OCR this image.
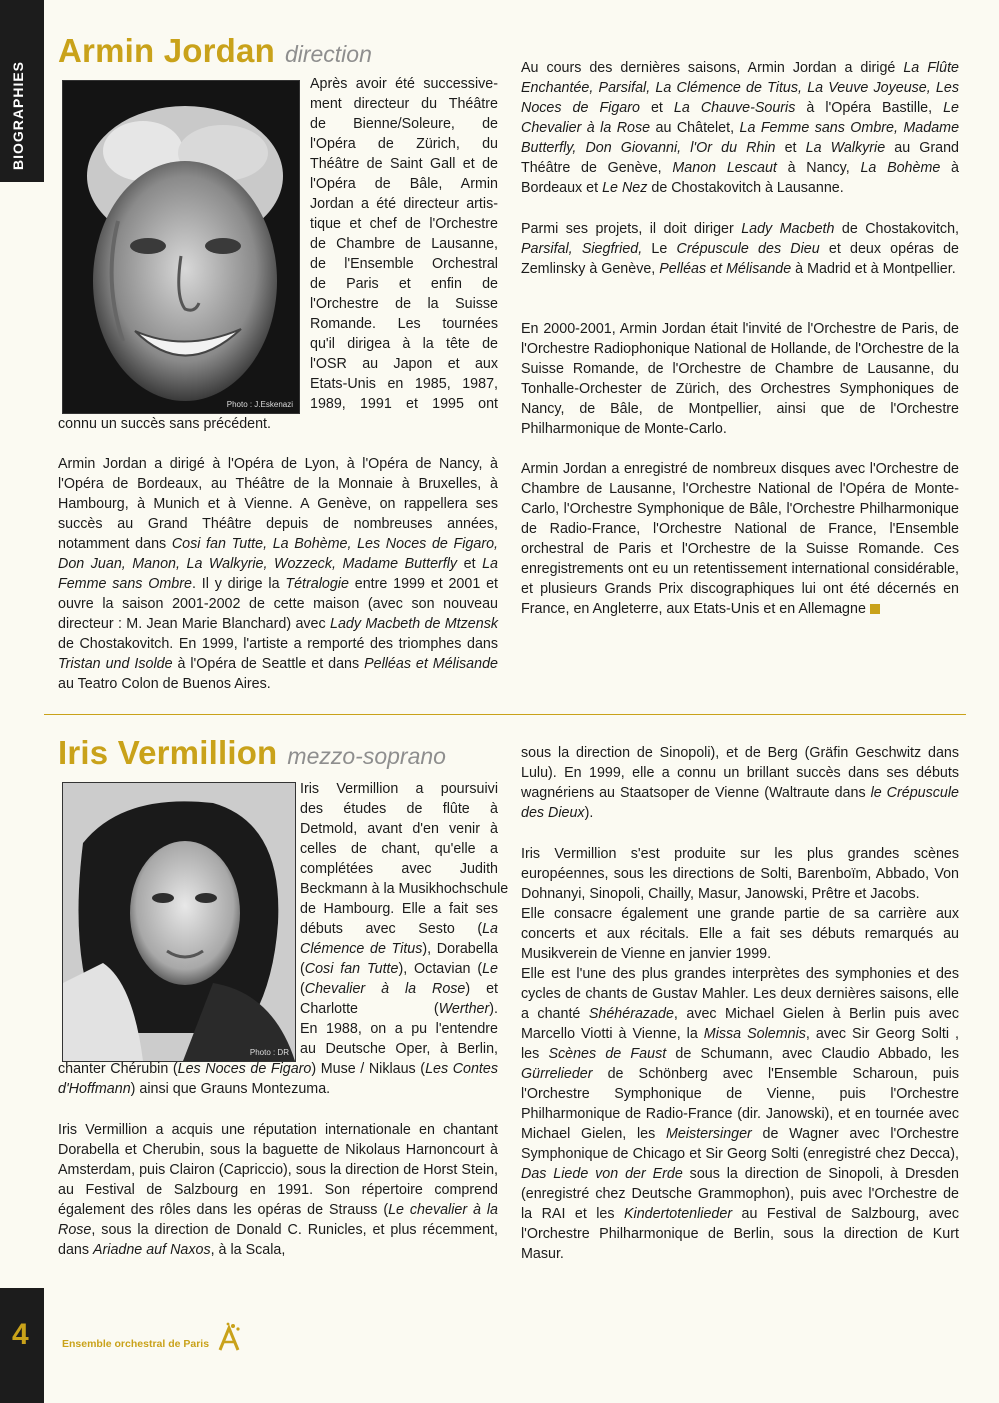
BIOGRAPHIES
Armin Jordan direction
Photo : J.Eskenazi
Après avoir été successive-
ment directeur du Théâtre
de Bienne/Soleure, de
l'Opéra de Zürich, du
Théâtre de Saint Gall et de
l'Opéra de Bâle, Armin
Jordan a été directeur artis-
tique et chef de l'Orchestre
de Chambre de Lausanne,
de l'Ensemble Orchestral
de Paris et enfin de
l'Orchestre de la Suisse
Romande. Les tournées
qu'il dirigea à la tête de
l'OSR au Japon et aux
Etats-Unis en 1985, 1987,
1989, 1991 et 1995 ont

connu un succès sans précédent.

Armin Jordan a dirigé à l'Opéra de Lyon, à l'Opéra de Nancy, à l'Opéra de Bordeaux, au Théâtre de la Monnaie à Bruxelles, à Hambourg, à Munich et à Vienne. A Genève, on rappellera ses succès au Grand Théâtre depuis de nombreuses années, notamment dans Cosi fan Tutte, La Bohème, Les Noces de Figaro, Don Juan, Manon, La Walkyrie, Wozzeck, Madame Butterfly et La Femme sans Ombre. Il y dirige la Tétralogie entre 1999 et 2001 et ouvre la saison 2001-2002 de cette maison (avec son nouveau directeur : M. Jean Marie Blanchard) avec Lady Macbeth de Mtzensk de Chostakovitch. En 1999, l'artiste a remporté des triomphes dans Tristan und Isolde à l'Opéra de Seattle et dans Pelléas et Mélisande au Teatro Colon de Buenos Aires.

Au cours des dernières saisons, Armin Jordan a dirigé La Flûte Enchantée, Parsifal, La Clémence de Titus, La Veuve Joyeuse, Les Noces de Figaro et La Chauve-Souris à l'Opéra Bastille, Le Chevalier à la Rose au Châtelet, La Femme sans Ombre, Madame Butterfly, Don Giovanni, l'Or du Rhin et La Walkyrie au Grand Théâtre de Genève, Manon Lescaut à Nancy, La Bohème à Bordeaux et Le Nez de Chostakovitch à Lausanne.

Parmi ses projets, il doit diriger Lady Macbeth de Chostakovitch, Parsifal, Siegfried, Le Crépuscule des Dieu et deux opéras de Zemlinsky à Genève, Pelléas et Mélisande à Madrid et à Montpellier.

En 2000-2001, Armin Jordan était l'invité de l'Orchestre de Paris, de l'Orchestre Radiophonique National de Hollande, de l'Orchestre de la Suisse Romande, de l'Orchestre de Chambre de Lausanne, du Tonhalle-Orchester de Zürich, des Orchestres Symphoniques de Nancy, de Bâle, de Montpellier, ainsi que de l'Orchestre Philharmonique de Monte-Carlo.

Armin Jordan a enregistré de nombreux disques avec l'Orchestre de Chambre de Lausanne, l'Orchestre National de l'Opéra de Monte-Carlo, l'Orchestre Symphonique de Bâle, l'Orchestre Philharmonique de Radio-France, l'Orchestre National de France, l'Ensemble orchestral de Paris et l'Orchestre de la Suisse Romande. Ces enregistrements ont eu un retentissement international considérable, et plusieurs Grands Prix discographiques lui ont été décernés en France, en Angleterre, aux Etats-Unis et en Allemagne

Iris Vermillion mezzo-soprano
Photo : DR
Iris Vermillion a poursuivi
des études de flûte à
Detmold, avant d'en venir à
celles de chant, qu'elle a
complétées avec Judith
Beckmann à la Musikhochschule
de Hambourg. Elle a fait ses
débuts avec Sesto (La
Clémence de Titus), Dorabella
(Cosi fan Tutte), Octavian (Le
(Chevalier à la Rose) et
Charlotte (Werther).
En 1988, on a pu l'entendre
au Deutsche Oper, à Berlin,

chanter Chérubin (Les Noces de Figaro) Muse / Niklaus (Les Contes d'Hoffmann) ainsi que Grauns Montezuma.

Iris Vermillion a acquis une réputation internationale en chantant Dorabella et Cherubin, sous la baguette de Nikolaus Harnoncourt à Amsterdam, puis Clairon (Capriccio), sous la direction de Horst Stein, au Festival de Salzbourg en 1991. Son répertoire comprend également des rôles dans les opéras de Strauss (Le chevalier à la Rose, sous la direction de Donald C. Runicles, et plus récemment, dans Ariadne auf Naxos, à la Scala,

sous la direction de Sinopoli), et de Berg (Gräfin Geschwitz dans Lulu). En 1999, elle a connu un brillant succès dans ses débuts wagnériens au Staatsoper de Vienne (Waltraute dans le Crépuscule des Dieux).

Iris Vermillion s'est produite sur les plus grandes scènes européennes, sous les directions de Solti, Barenboïm, Abbado, Von Dohnanyi, Sinopoli, Chailly, Masur, Janowski, Prêtre et Jacobs.

Elle consacre également une grande partie de sa carrière aux concerts et aux récitals. Elle a fait ses débuts remarqués au Musikverein de Vienne en janvier 1999.

Elle est l'une des plus grandes interprètes des symphonies et des cycles de chants de Gustav Mahler. Les deux dernières saisons, elle a chanté Shéhérazade, avec Michael Gielen à Berlin puis avec Marcello Viotti à Vienne, la Missa Solemnis, avec Sir Georg Solti , les Scènes de Faust de Schumann, avec Claudio Abbado, les Gürrelieder de Schönberg avec l'Ensemble Scharoun, puis l'Orchestre Symphonique de Vienne, puis l'Orchestre Philharmonique de Radio-France (dir. Janowski), et en tournée avec Michael Gielen, les Meistersinger de Wagner avec l'Orchestre Symphonique de Chicago et Sir Georg Solti (enregistré chez Decca), Das Liede von der Erde sous la direction de Sinopoli, à Dresden (enregistré chez Deutsche Grammophon), puis avec l'Orchestre de la RAI et les Kindertotenlieder au Festival de Salzbourg, avec l'Orchestre Philharmonique de Berlin, sous la direction de Kurt Masur.

4	Ensemble orchestral de Paris
